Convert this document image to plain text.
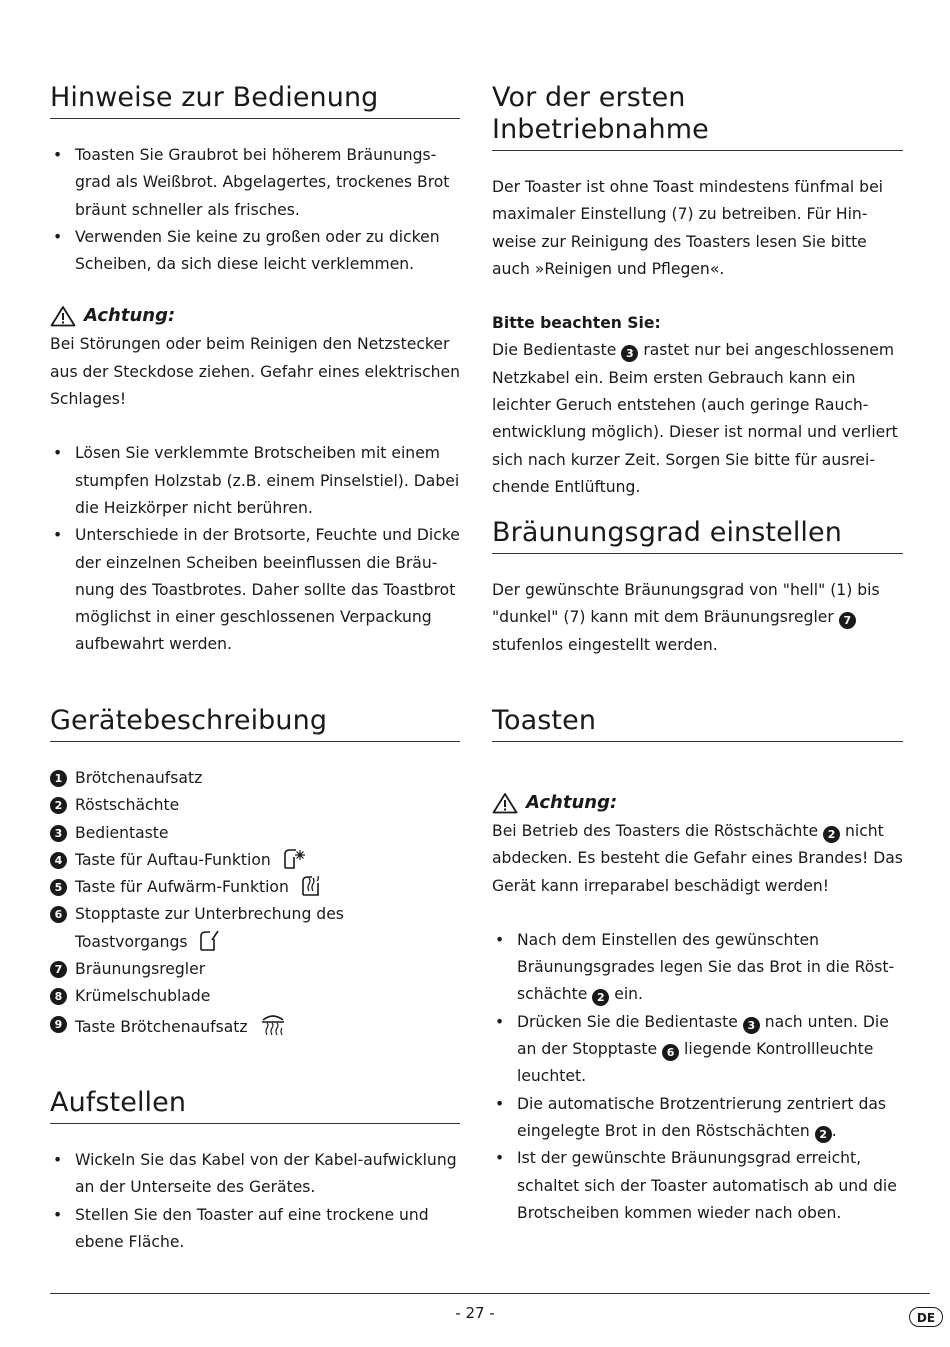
Hinweise zur Bedienung
• Toasten Sie Graubrot bei höherem Bräunungs-grad als Weißbrot. Abgelagertes, trockenes Brot bräunt schneller als frisches.
• Verwenden Sie keine zu großen oder zu dicken Scheiben, da sich diese leicht verklemmen.
Achtung:

Bei Störungen oder beim Reinigen den Netzstecker aus der Steckdose ziehen. Gefahr eines elektrischen Schlages!

• Lösen Sie verklemmte Brotscheiben mit einem stumpfen Holzstab (z.B. einem Pinselstiel). Dabei die Heizkörper nicht berühren.
• Unterschiede in der Brotsorte, Feuchte und Dicke der einzelnen Scheiben beeinflussen die Bräu-nung des Toastbrotes. Daher sollte das Toastbrot möglichst in einer geschlossenen Verpackung aufbewahrt werden.
Gerätebeschreibung
1 Brötchenaufsatz
2 Röstschächte
3 Bedientaste
4 Taste für Auftau-Funktion
5 Taste für Aufwärm-Funktion
6 Stopptaste zur Unterbrechung des Toastvorgangs
7 Bräunungsregler
8 Krümelschublade
9 Taste Brötchenaufsatz
Aufstellen
• Wickeln Sie das Kabel von der Kabel-aufwicklung an der Unterseite des Gerätes.
• Stellen Sie den Toaster auf eine trockene und ebene Fläche.
Vor der ersten Inbetriebnahme

Der Toaster ist ohne Toast mindestens fünfmal bei maximaler Einstellung (7) zu betreiben. Für Hin-weise zur Reinigung des Toasters lesen Sie bitte auch »Reinigen und Pflegen«.

Bitte beachten Sie:

Die Bedientaste 3 rastet nur bei angeschlossenem Netzkabel ein. Beim ersten Gebrauch kann ein leichter Geruch entstehen (auch geringe Rauch-entwicklung möglich). Dieser ist normal und verliert sich nach kurzer Zeit. Sorgen Sie bitte für ausrei-chende Entlüftung.

Bräunungsgrad einstellen

Der gewünschte Bräunungsgrad von "hell" (1) bis "dunkel" (7) kann mit dem Bräunungsregler 7 stufenlos eingestellt werden.

Toasten
Achtung:

Bei Betrieb des Toasters die Röstschächte 2 nicht abdecken. Es besteht die Gefahr eines Brandes! Das Gerät kann irreparabel beschädigt werden!

• Nach dem Einstellen des gewünschten Bräunungsgrades legen Sie das Brot in die Röst-schächte 2 ein.
• Drücken Sie die Bedientaste 3 nach unten. Die an der Stopptaste 6 liegende Kontrollleuchte leuchtet.
• Die automatische Brotzentrierung zentriert das eingelegte Brot in den Röstschächten 2 .
• Ist der gewünschte Bräunungsgrad erreicht, schaltet sich der Toaster automatisch ab und die Brotscheiben kommen wieder nach oben.
- 27 -	DE
